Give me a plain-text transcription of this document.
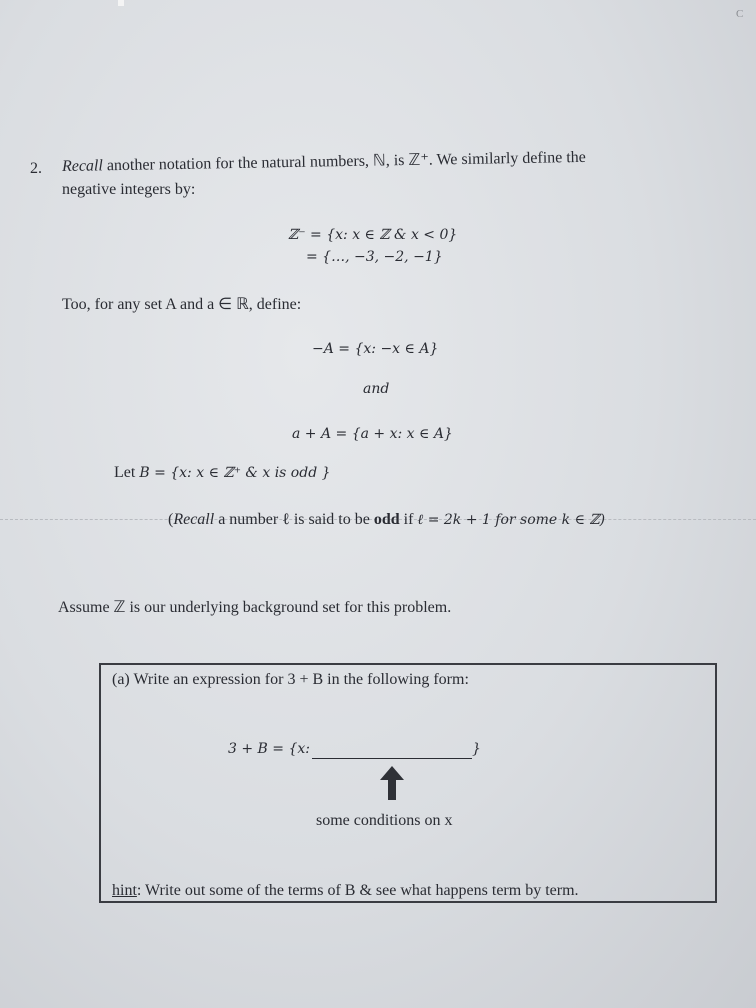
C
2. Recall another notation for the natural numbers, ℕ, is ℤ⁺. We similarly define the
negative integers by:
ℤ⁻ = {x: x ∈ ℤ & x < 0}
= {…, −3, −2, −1}
Too, for any set A and a ∈ ℝ, define:
−A = {x: −x ∈ A}
and
a + A = {a + x: x ∈ A}
Let B = {x: x ∈ ℤ⁺ & x is odd }
(Recall a number ℓ is said to be odd if ℓ = 2k + 1 for some k ∈ ℤ)
Assume ℤ is our underlying background set for this problem.
(a) Write an expression for 3 + B in the following form:
3 + B = {x:	}
some conditions on x
hint: Write out some of the terms of B & see what happens term by term.
